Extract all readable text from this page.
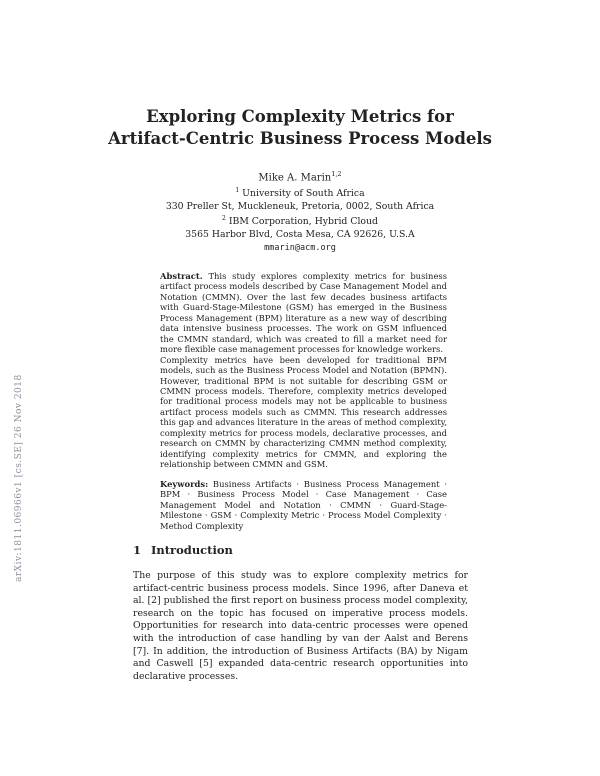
arXiv:1811.06966v1 [cs.SE] 26 Nov 2018
Exploring Complexity Metrics for
Artifact-Centric Business Process Models
Mike A. Marin$^{1,2}$
$^1$ University of South Africa
330 Preller St, Muckleneuk, Pretoria, 0002, South Africa
$^2$ IBM Corporation, Hybrid Cloud
3565 Harbor Blvd, Costa Mesa, CA 92626, U.S.A
mmarin@acm.org

Abstract. This study explores complexity metrics for business artifact process models described by Case Management Model and Notation (CMMN). Over the last few decades business artifacts with Guard-Stage-Milestone (GSM) has emerged in the Business Process Management (BPM) literature as a new way of describing data intensive business processes. The work on GSM influenced the CMMN standard, which was created to fill a market need for more flexible case management processes for knowledge workers.

Complexity metrics have been developed for traditional BPM models, such as the Business Process Model and Notation (BPMN). However, traditional BPM is not suitable for describing GSM or CMMN process models. Therefore, complexity metrics developed for traditional process models may not be applicable to business artifact process models such as CMMN. This research addresses this gap and advances literature in the areas of method complexity, complexity metrics for process models, declarative processes, and research on CMMN by characterizing CMMN method complexity, identifying complexity metrics for CMMN, and exploring the relationship between CMMN and GSM.

Keywords: Business Artifacts · Business Process Management · BPM · Business Process Model · Case Management · Case Management Model and Notation · CMMN · Guard-Stage-Milestone · GSM · Complexity Metric · Process Model Complexity · Method Complexity
1 Introduction

The purpose of this study was to explore complexity metrics for artifact-centric business process models. Since 1996, after Daneva et al. [2] published the first report on business process model complexity, research on the topic has focused on imperative process models. Opportunities for research into data-centric processes were opened with the introduction of case handling by van der Aalst and Berens [7]. In addition, the introduction of Business Artifacts (BA) by Nigam and Caswell [5] expanded data-centric research opportunities into declarative processes.
